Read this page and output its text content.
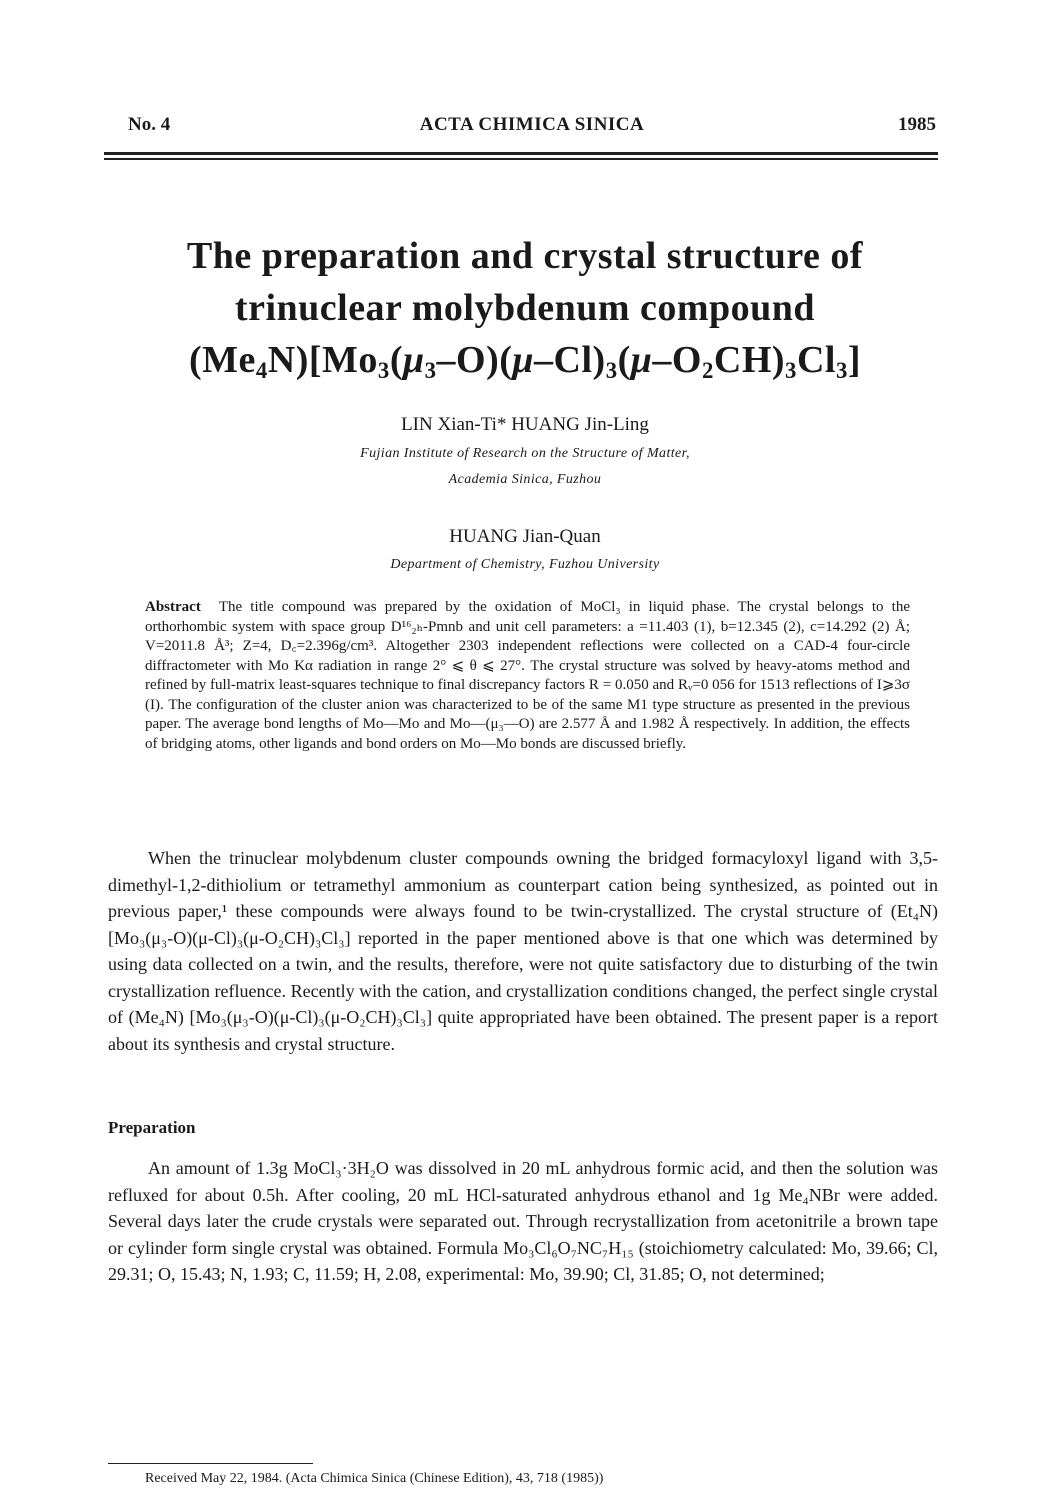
No. 4	ACTA CHIMICA SINICA	1985
The preparation and crystal structure of
trinuclear molybdenum compound
$(Me_4N)[Mo_3(\mu_3-O)(\mu-Cl)_3(\mu-O_2CH)_3Cl_3]$
LIN Xian-Ti* HUANG Jin-Ling
Fujian Institute of Research on the Structure of Matter,
Academia Sinica, Fuzhou
HUANG Jian-Quan
Department of Chemistry, Fuzhou University
Abstract The title compound was prepared by the oxidation of MoCl₃ in liquid phase. The crystal belongs to the orthorhombic system with space group D¹⁶₂ₕ-Pmnb and unit cell parameters: a =11.403 (1), b=12.345 (2), c=14.292 (2) Å; V=2011.8 Å³; Z=4, D꜀=2.396g/cm³. Altogether 2303 independent reflections were collected on a CAD-4 four-circle diffractometer with Mo Kα radiation in range 2° ⩽ θ ⩽ 27°. The crystal structure was solved by heavy-atoms method and refined by full-matrix least-squares technique to final discrepancy factors R = 0.050 and Rᵥ=0 056 for 1513 reflections of I⩾3σ (I). The configuration of the cluster anion was characterized to be of the same M1 type structure as presented in the previous paper. The average bond lengths of Mo—Mo and Mo—(μ₃—O) are 2.577 Å and 1.982 Å respectively. In addition, the effects of bridging atoms, other ligands and bond orders on Mo—Mo bonds are discussed briefly.

When the trinuclear molybdenum cluster compounds owning the bridged formacyloxyl ligand with 3,5-dimethyl-1,2-dithiolium or tetramethyl ammonium as counterpart cation being synthesized, as pointed out in previous paper,¹ these compounds were always found to be twin-crystallized. The crystal structure of (Et₄N) [Mo₃(μ₃-O)(μ-Cl)₃(μ-O₂CH)₃Cl₃] reported in the paper mentioned above is that one which was determined by using data collected on a twin, and the results, therefore, were not quite satisfactory due to disturbing of the twin crystallization refluence. Recently with the cation, and crystallization conditions changed, the perfect single crystal of (Me₄N) [Mo₃(μ₃-O)(μ-Cl)₃(μ-O₂CH)₃Cl₃] quite appropriated have been obtained. The present paper is a report about its synthesis and crystal structure.

Preparation

An amount of 1.3g MoCl₃·3H₂O was dissolved in 20 mL anhydrous formic acid, and then the solution was refluxed for about 0.5h. After cooling, 20 mL HCl-saturated anhydrous ethanol and 1g Me₄NBr were added. Several days later the crude crystals were separated out. Through recrystallization from acetonitrile a brown tape or cylinder form single crystal was obtained. Formula Mo₃Cl₆O₇NC₇H₁₅ (stoichiometry calculated: Mo, 39.66; Cl, 29.31; O, 15.43; N, 1.93; C, 11.59; H, 2.08, experimental: Mo, 39.90; Cl, 31.85; O, not determined;

Received May 22, 1984. (Acta Chimica Sinica (Chinese Edition), 43, 718 (1985))
